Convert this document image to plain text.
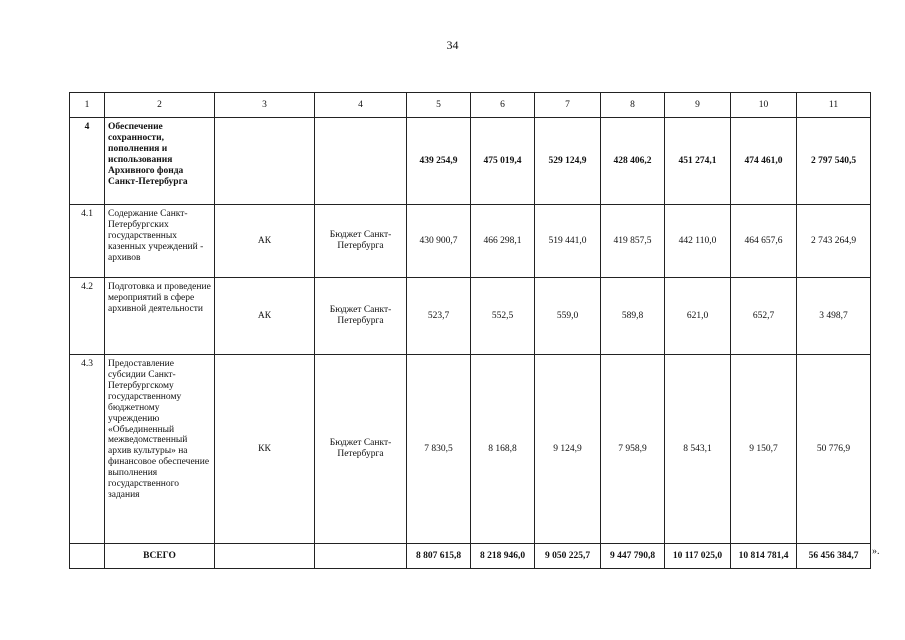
34
1	2	3	4	5	6	7	8	9	10	11
4	Обеспечение сохранности, пополнения и использования Архивного фонда Санкт-Петербурга			439 254,9	475 019,4	529 124,9	428 406,2	451 274,1	474 461,0	2 797 540,5
4.1	Содержание Санкт-Петербургских государственных казенных учреждений - архивов	АК	Бюджет Санкт-Петербурга	430 900,7	466 298,1	519 441,0	419 857,5	442 110,0	464 657,6	2 743 264,9
4.2	Подготовка и проведение мероприятий в сфере архивной деятельности	АК	Бюджет Санкт-Петербурга	523,7	552,5	559,0	589,8	621,0	652,7	3 498,7
4.3	Предоставление субсидии Санкт-Петербургскому государственному бюджетному учреждению «Объединенный межведомственный архив культуры» на финансовое обеспечение выполнения государственного задания	КК	Бюджет Санкт-Петербурга	7 830,5	8 168,8	9 124,9	7 958,9	8 543,1	9 150,7	50 776,9
	ВСЕГО			8 807 615,8	8 218 946,0	9 050 225,7	9 447 790,8	10 117 025,0	10 814 781,4	56 456 384,7 ».
